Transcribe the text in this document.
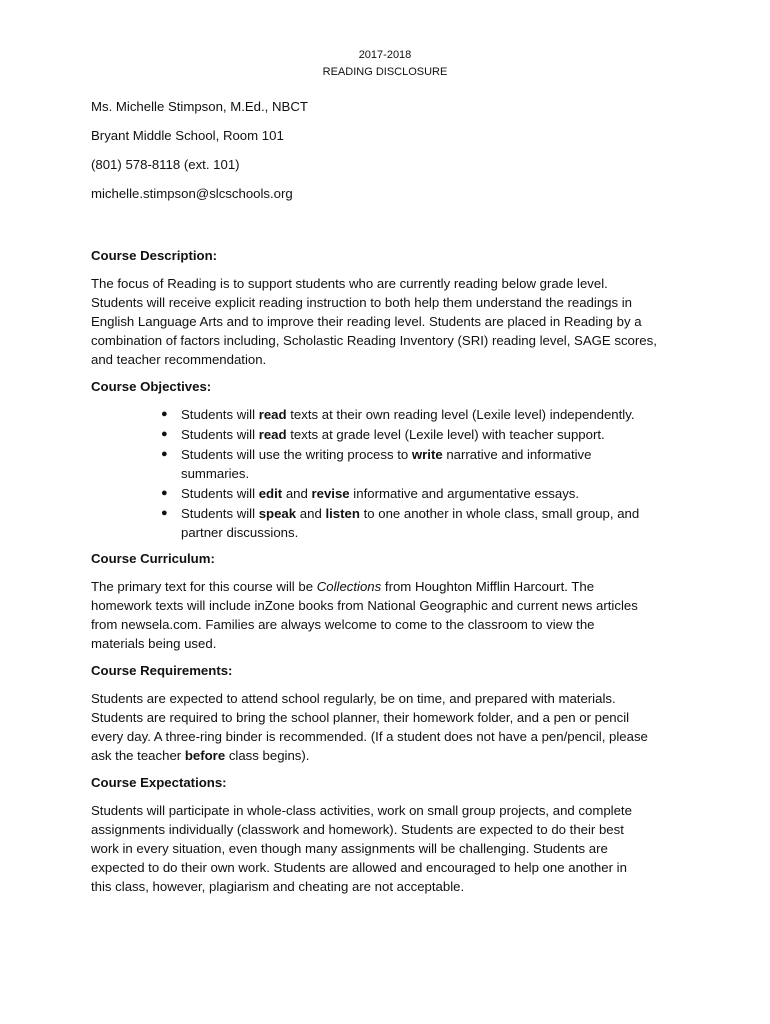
2017-2018
READING DISCLOSURE
Ms. Michelle Stimpson, M.Ed., NBCT
Bryant Middle School, Room 101
(801) 578-8118 (ext. 101)
michelle.stimpson@slcschools.org
Course Description:
The focus of Reading is to support students who are currently reading below grade level.
Students will receive explicit reading instruction to both help them understand the readings in
English Language Arts and to improve their reading level. Students are placed in Reading by a
combination of factors including, Scholastic Reading Inventory (SRI) reading level, SAGE scores,
and teacher recommendation.
Course Objectives:
● Students will read texts at their own reading level (Lexile level) independently.
● Students will read texts at grade level (Lexile level) with teacher support.
● Students will use the writing process to write narrative and informative
summaries.
● Students will edit and revise informative and argumentative essays.
● Students will speak and listen to one another in whole class, small group, and
partner discussions.
Course Curriculum:
The primary text for this course will be Collections from Houghton Mifflin Harcourt. The
homework texts will include inZone books from National Geographic and current news articles
from newsela.com. Families are always welcome to come to the classroom to view the
materials being used.
Course Requirements:
Students are expected to attend school regularly, be on time, and prepared with materials.
Students are required to bring the school planner, their homework folder, and a pen or pencil
every day. A three-ring binder is recommended. (If a student does not have a pen/pencil, please
ask the teacher before class begins).
Course Expectations:
Students will participate in whole-class activities, work on small group projects, and complete
assignments individually (classwork and homework). Students are expected to do their best
work in every situation, even though many assignments will be challenging. Students are
expected to do their own work. Students are allowed and encouraged to help one another in
this class, however, plagiarism and cheating are not acceptable.
